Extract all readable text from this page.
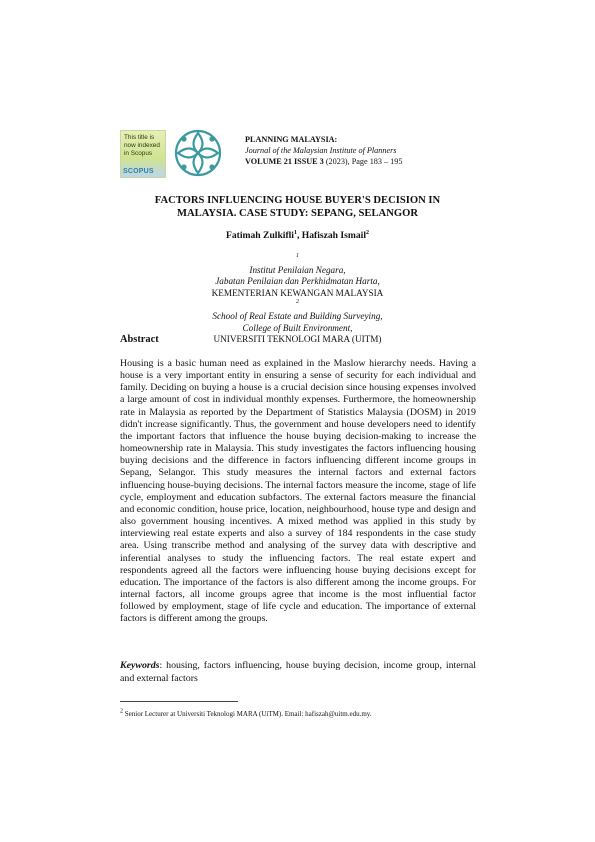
This title is
now indexed
in Scopus
SCOPUS
PLANNING MALAYSIA:
Journal of the Malaysian Institute of Planners
VOLUME 21 ISSUE 3 (2023), Page 183 – 195
FACTORS INFLUENCING HOUSE BUYER'S DECISION IN
MALAYSIA. CASE STUDY: SEPANG, SELANGOR
Fatimah Zulkifli$^1$, Hafiszah Ismail$^2$
$^1$
Institut Penilaian Negara,
Jabatan Penilaian dan Perkhidmatan Harta,
KEMENTERIAN KEWANGAN MALAYSIA
$^2$
School of Real Estate and Building Surveying,
College of Built Environment,
UNIVERSITI TEKNOLOGI MARA (UITM)
Abstract
Housing is a basic human need as explained in the Maslow hierarchy needs. Having a house is a very important entity in ensuring a sense of security for each individual and family. Deciding on buying a house is a crucial decision since housing expenses involved a large amount of cost in individual monthly expenses. Furthermore, the homeownership rate in Malaysia as reported by the Department of Statistics Malaysia (DOSM) in 2019 didn't increase significantly. Thus, the government and house developers need to identify the important factors that influence the house buying decision-making to increase the homeownership rate in Malaysia. This study investigates the factors influencing housing buying decisions and the difference in factors influencing different income groups in Sepang, Selangor. This study measures the internal factors and external factors influencing house-buying decisions. The internal factors measure the income, stage of life cycle, employment and education subfactors. The external factors measure the financial and economic condition, house price, location, neighbourhood, house type and design and also government housing incentives. A mixed method was applied in this study by interviewing real estate experts and also a survey of 184 respondents in the case study area. Using transcribe method and analysing of the survey data with descriptive and inferential analyses to study the influencing factors. The real estate expert and respondents agreed all the factors were influencing house buying decisions except for education. The importance of the factors is also different among the income groups. For internal factors, all income groups agree that income is the most influential factor followed by employment, stage of life cycle and education. The importance of external factors is different among the groups.
Keywords: housing, factors influencing, house buying decision, income group, internal and external factors
$^2$ Senior Lecturer at Universiti Teknologi MARA (UiTM). Email: hafiszah@uitm.edu.my.
